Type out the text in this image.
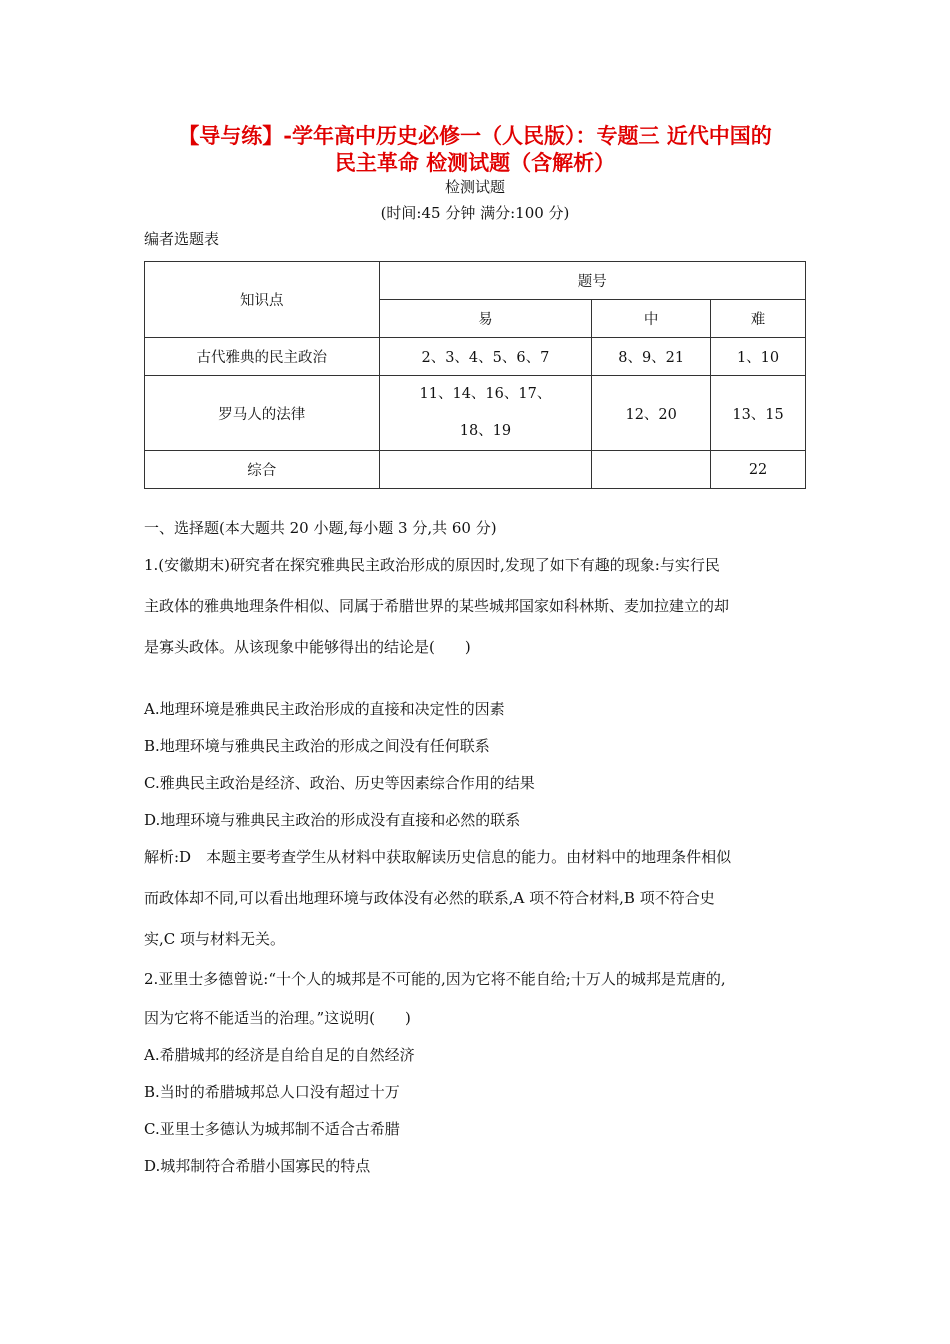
【导与练】-学年高中历史必修一（人民版）：专题三 近代中国的
民主革命 检测试题（含解析）
检测试题
(时间:45 分钟 满分:100 分)
编者选题表
知识点	题号		
	易	中	难
古代雅典的民主政治	2、3、4、5、6、7	8、9、21	1、10
罗马人的法律	11、14、16、17、
18、19	12、20	13、15
综合			22
一、选择题(本大题共 20 小题,每小题 3 分,共 60 分)
1.(安徽期末)研究者在探究雅典民主政治形成的原因时,发现了如下有趣的现象:与实行民
主政体的雅典地理条件相似、同属于希腊世界的某些城邦国家如科林斯、麦加拉建立的却
是寡头政体。从该现象中能够得出的结论是(　　)
A.地理环境是雅典民主政治形成的直接和决定性的因素
B.地理环境与雅典民主政治的形成之间没有任何联系
C.雅典民主政治是经济、政治、历史等因素综合作用的结果
D.地理环境与雅典民主政治的形成没有直接和必然的联系
解析:D　本题主要考查学生从材料中获取解读历史信息的能力。由材料中的地理条件相似
而政体却不同,可以看出地理环境与政体没有必然的联系,A 项不符合材料,B 项不符合史
实,C 项与材料无关。
2.亚里士多德曾说:“十个人的城邦是不可能的,因为它将不能自给;十万人的城邦是荒唐的,
因为它将不能适当的治理。”这说明(　　)
A.希腊城邦的经济是自给自足的自然经济
B.当时的希腊城邦总人口没有超过十万
C.亚里士多德认为城邦制不适合古希腊
D.城邦制符合希腊小国寡民的特点
